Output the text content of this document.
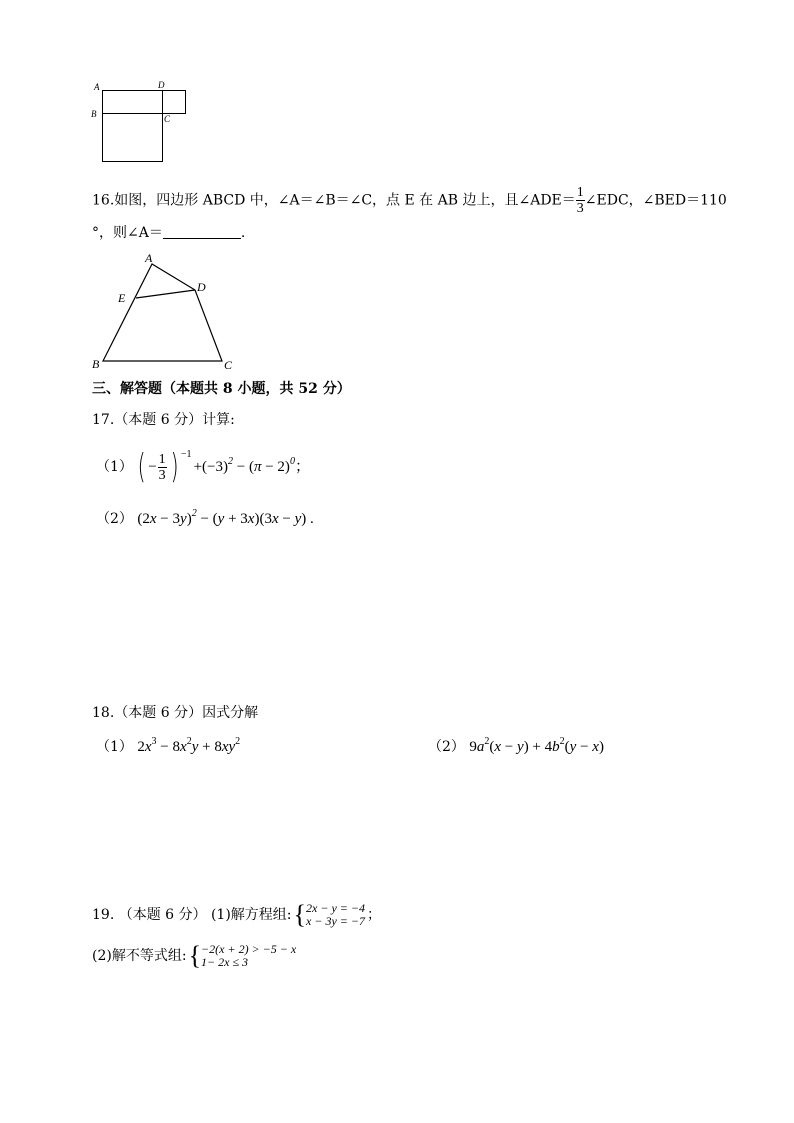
A
B	C
D
16.如图，四边形 ABCD 中，∠A＝∠B＝∠C，点 E 在 AB 边上，且∠ADE＝ $\frac{1}{3}$ ∠EDC，∠BED＝110
°，则∠A＝	.
A
B	C
D
E
三、解答题（本题共 8 小题，共 52 分）
17.（本题 6 分）计算:
（1） ( − $\frac{1}{3}$ ) −1
$+(-3)^2 - (\pi - 2)^0$；
（2） $(2x - 3y)^2 - (y + 3x)(3x - y)$ .
18.（本题 6 分）因式分解
（1） $2x^3 - 8x^2y + 8xy^2$	（2） $9a^2(x - y) + 4b^2(y - x)$
19. （本题 6 分） (1)解方程组: { 2x − y = −4
x − 3y = −7 ；
(2)解不等式组: { −2(x + 2) > −5 − x
1− 2x ≤ 3
